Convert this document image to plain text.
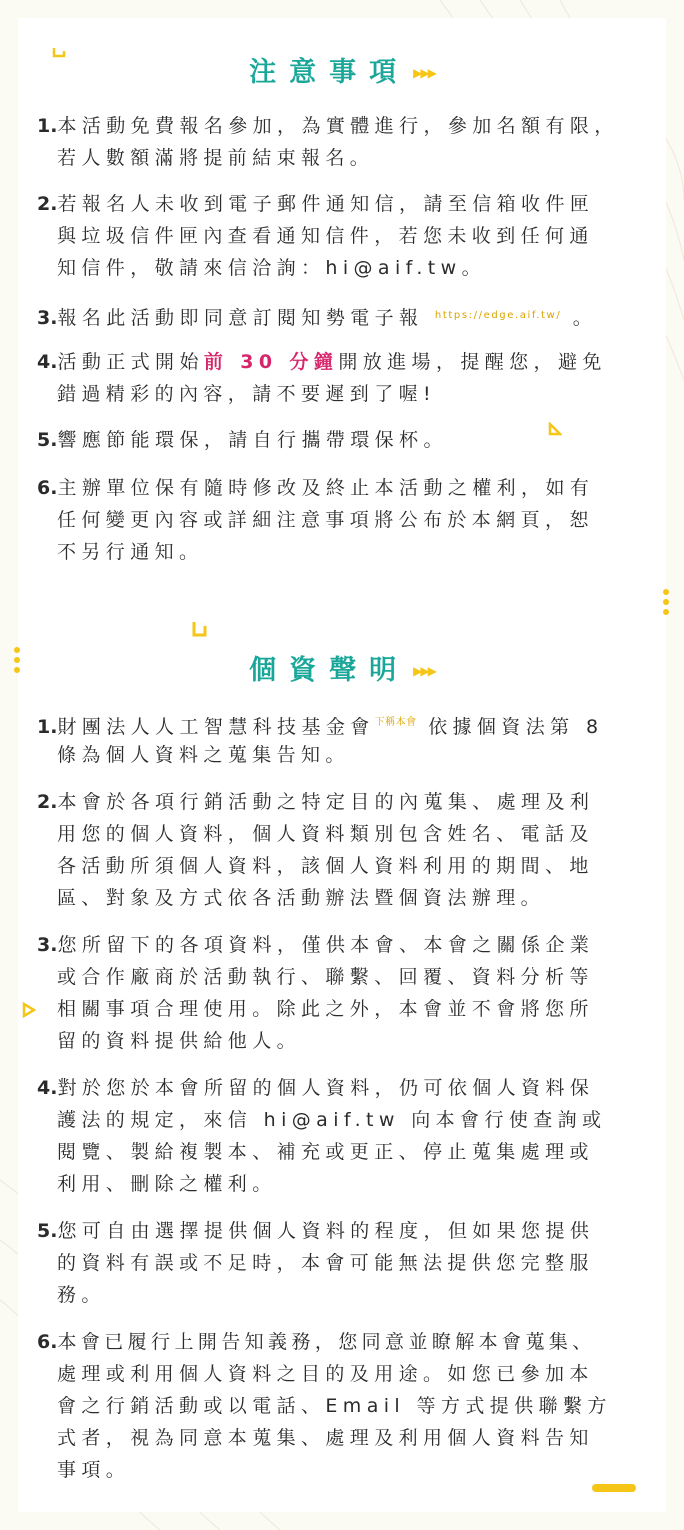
注意事項 ▶▶▶
1.本活動免費報名參加，為實體進行，參加名額有限，
若人數額滿將提前結束報名。
2.若報名人未收到電子郵件通知信，請至信箱收件匣
與垃圾信件匣內查看通知信件，若您未收到任何通
知信件，敬請來信洽詢：hi@aif.tw。
3.報名此活動即同意訂閱知勢電子報 $^{https://edge.aif.tw/}$ 。
4.活動正式開始前 30 分鐘開放進場，提醒您，避免
錯過精彩的內容，請不要遲到了喔!
5.響應節能環保，請自行攜帶環保杯。
6.主辦單位保有隨時修改及終止本活動之權利，如有
任何變更內容或詳細注意事項將公布於本網頁，恕
不另行通知。
個資聲明 ▶▶▶
1.財團法人人工智慧科技基金會$^{下稱本會}$ 依據個資法第 8
條為個人資料之蒐集告知。
2.本會於各項行銷活動之特定目的內蒐集、處理及利
用您的個人資料，個人資料類別包含姓名、電話及
各活動所須個人資料，該個人資料利用的期間、地
區、對象及方式依各活動辦法暨個資法辦理。
3.您所留下的各項資料，僅供本會、本會之關係企業
或合作廠商於活動執行、聯繫、回覆、資料分析等
相關事項合理使用。除此之外，本會並不會將您所
留的資料提供給他人。
4.對於您於本會所留的個人資料，仍可依個人資料保
護法的規定，來信 hi@aif.tw 向本會行使查詢或
閱覽、製給複製本、補充或更正、停止蒐集處理或
利用、刪除之權利。
5.您可自由選擇提供個人資料的程度，但如果您提供
的資料有誤或不足時，本會可能無法提供您完整服
務。
6.本會已履行上開告知義務，您同意並瞭解本會蒐集、
處理或利用個人資料之目的及用途。如您已參加本
會之行銷活動或以電話、Email 等方式提供聯繫方
式者，視為同意本蒐集、處理及利用個人資料告知
事項。
